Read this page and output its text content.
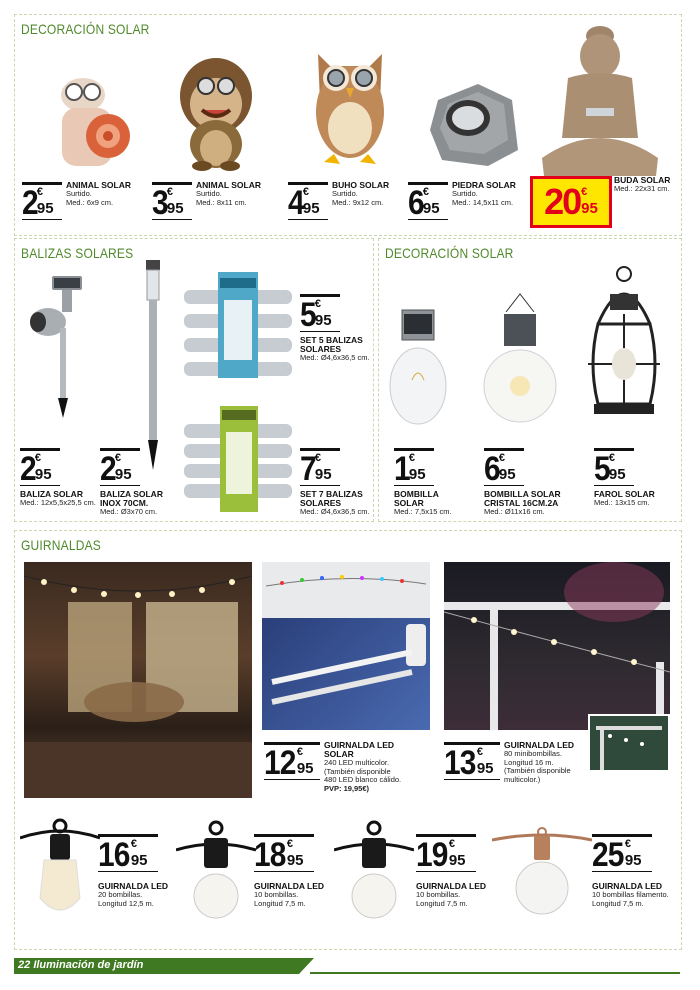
DECORACIÓN SOLAR
2 €
95
ANIMAL SOLAR
Surtido.
Med.: 6x9 cm.	3 €
95
ANIMAL SOLAR
Surtido.
Med.: 8x11 cm.	4 €
95
BUHO SOLAR
Surtido.
Med.: 9x12 cm. 6 €
95
PIEDRA SOLAR
Surtido.
Med.: 14,5x11 cm. 20 €
95
BUDA SOLAR
Med.: 22x31 cm.
BALIZAS SOLARES
2 €
95
BALIZA SOLAR
Med.: 12x5,5x25,5 cm.
2 €
95
BALIZA SOLAR INOX 70CM.
Med.: Ø3x70 cm.
5 €
95
SET 5 BALIZAS SOLARES
Med.: Ø4,6x36,5 cm.
7 €
95
SET 7 BALIZAS SOLARES
Med.: Ø4,6x36,5 cm.
DECORACIÓN SOLAR
1 €
95
BOMBILLA SOLAR
Med.: 7,5x15 cm.
6 €
95
BOMBILLA SOLAR CRISTAL 16CM.2A
Med.: Ø11x16 cm.
5 €
95
FAROL SOLAR
Med.: 13x15 cm.
GUIRNALDAS
12 €
95
GUIRNALDA LED SOLAR
240 LED multicolor.
(También disponible
480 LED blanco cálido.
PVP: 19,95€)
13 €
95
GUIRNALDA LED
80 minibombillas.
Longitud 16 m.
(También disponible
multicolor.)
16 €
95
GUIRNALDA LED
20 bombillas.
Longitud 12,5 m.
18 €
95
GUIRNALDA LED
10 bombillas.
Longitud 7,5 m.
19 €
95
GUIRNALDA LED
10 bombillas.
Longitud 7,5 m.
25 €
95
GUIRNALDA LED
10 bombillas filamento.
Longitud 7,5 m.
22 Iluminación de jardín
